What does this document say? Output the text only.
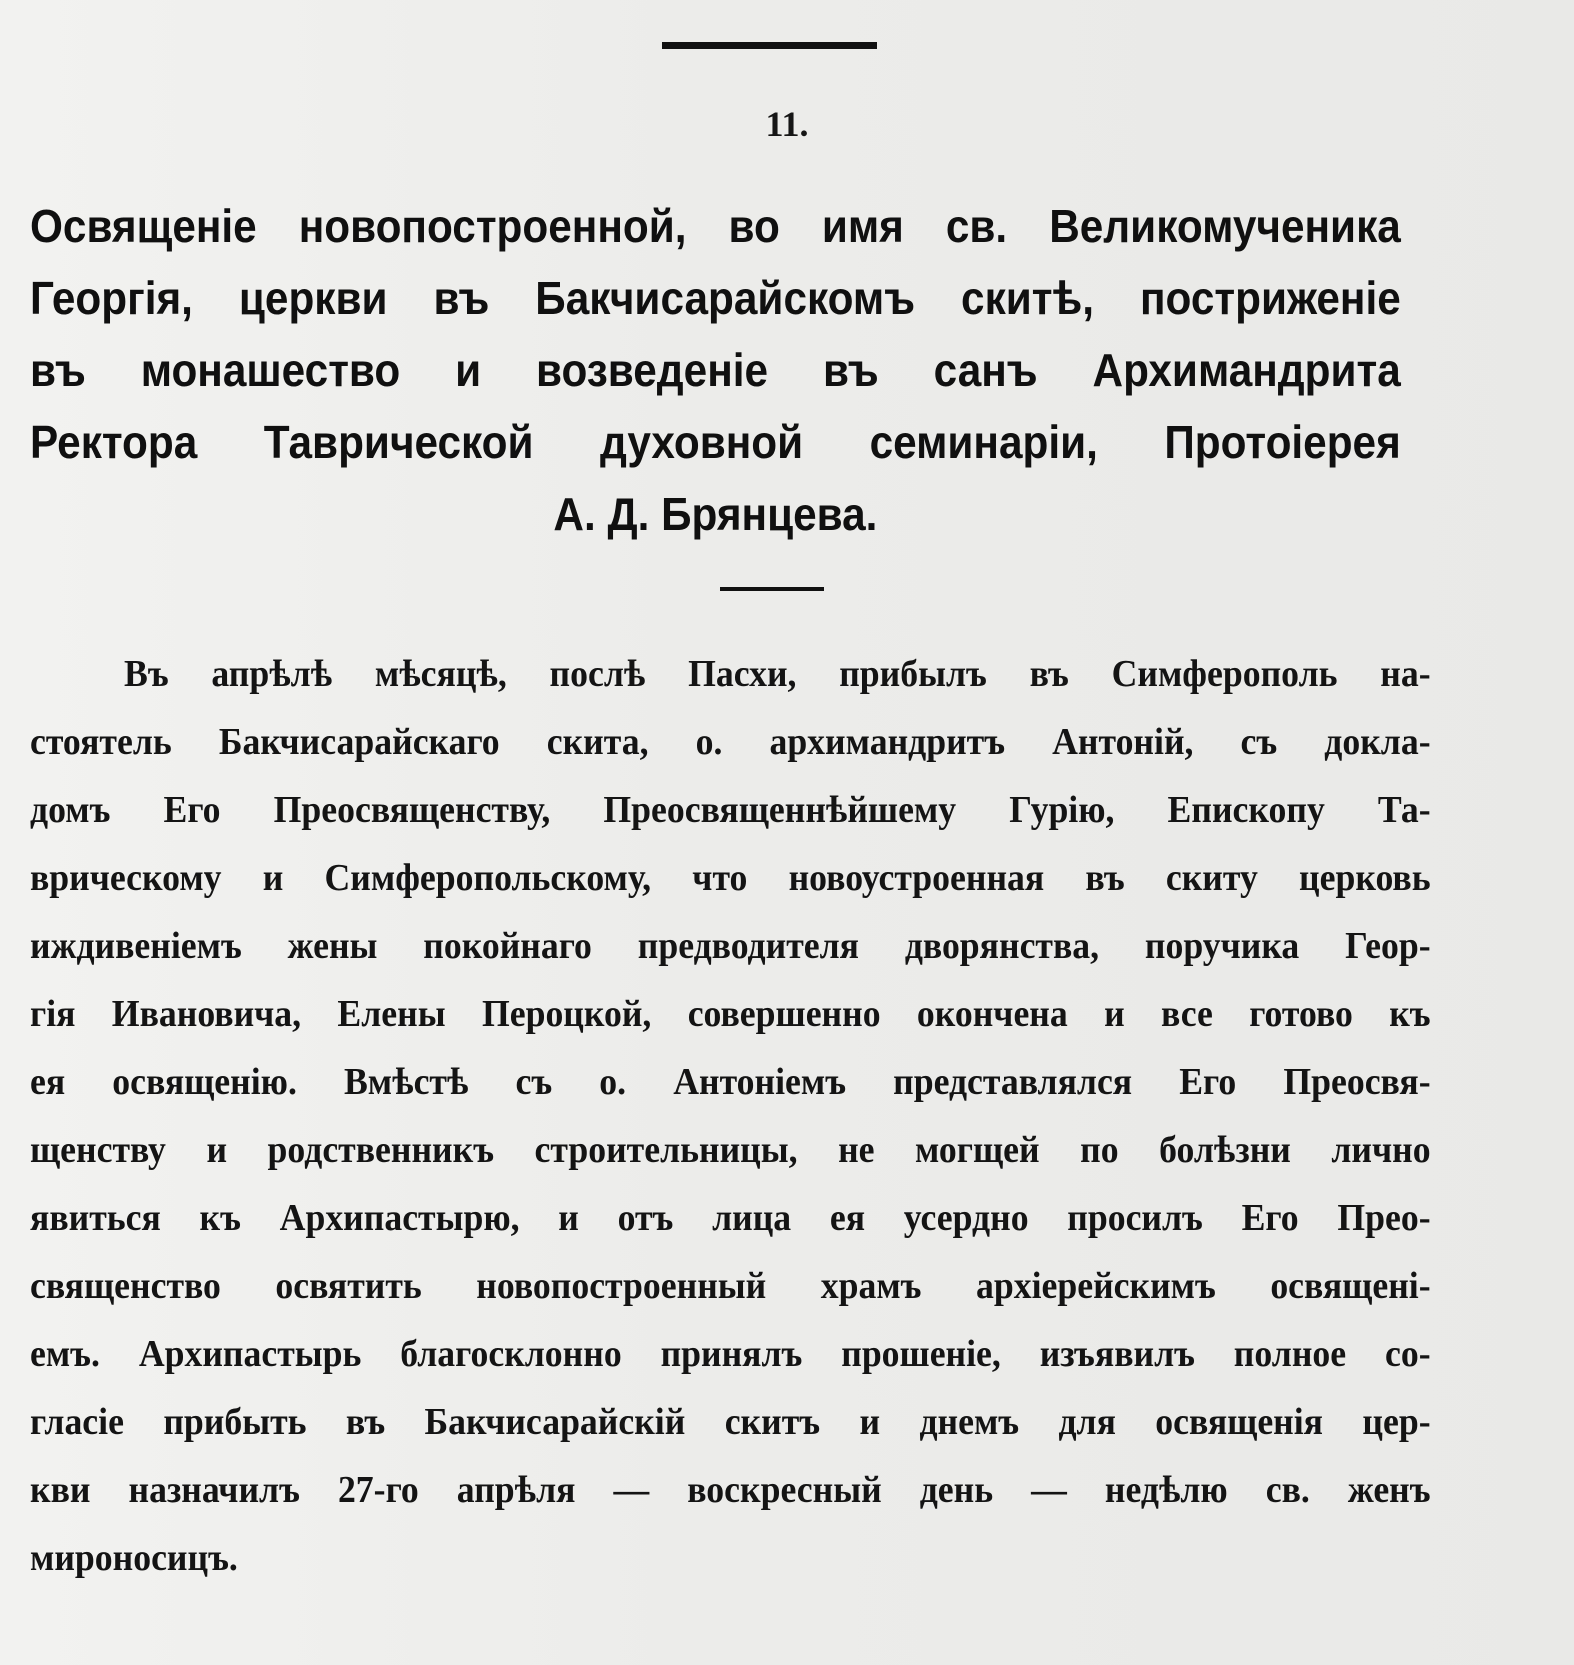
11.
Освященіе новопостроенной, во имя св. Великомученика
Георгія, церкви въ Бакчисарайскомъ скитѣ, постриженіе
въ монашество и возведеніе въ санъ Архимандрита
Ректора Таврической духовной семинаріи, Протоіерея
А. Д. Брянцева.
Въ апрѣлѣ мѣсяцѣ, послѣ Пасхи, прибылъ въ Симферополь на-
стоятель Бакчисарайскаго скита, о. архимандритъ Антоній, съ докла-
домъ Его Преосвященству, Преосвященнѣйшему Гурію, Епископу Та-
врическому и Симферопольскому, что новоустроенная въ скиту церковь
иждивеніемъ жены покойнаго предводителя дворянства, поручика Геор-
гія Ивановича, Елены Пероцкой, совершенно окончена и все готово къ
ея освященію. Вмѣстѣ съ о. Антоніемъ представлялся Его Преосвя-
щенству и родственникъ строительницы, не могщей по болѣзни лично
явиться къ Архипастырю, и отъ лица ея усердно просилъ Его Прео-
священство освятить новопостроенный храмъ архіерейскимъ освящені-
емъ. Архипастырь благосклонно принялъ прошеніе, изъявилъ полное со-
гласіе прибыть въ Бакчисарайскій скитъ и днемъ для освященія цер-
кви назначилъ 27-го апрѣля — воскресный день — недѣлю св. женъ
мироносицъ.
